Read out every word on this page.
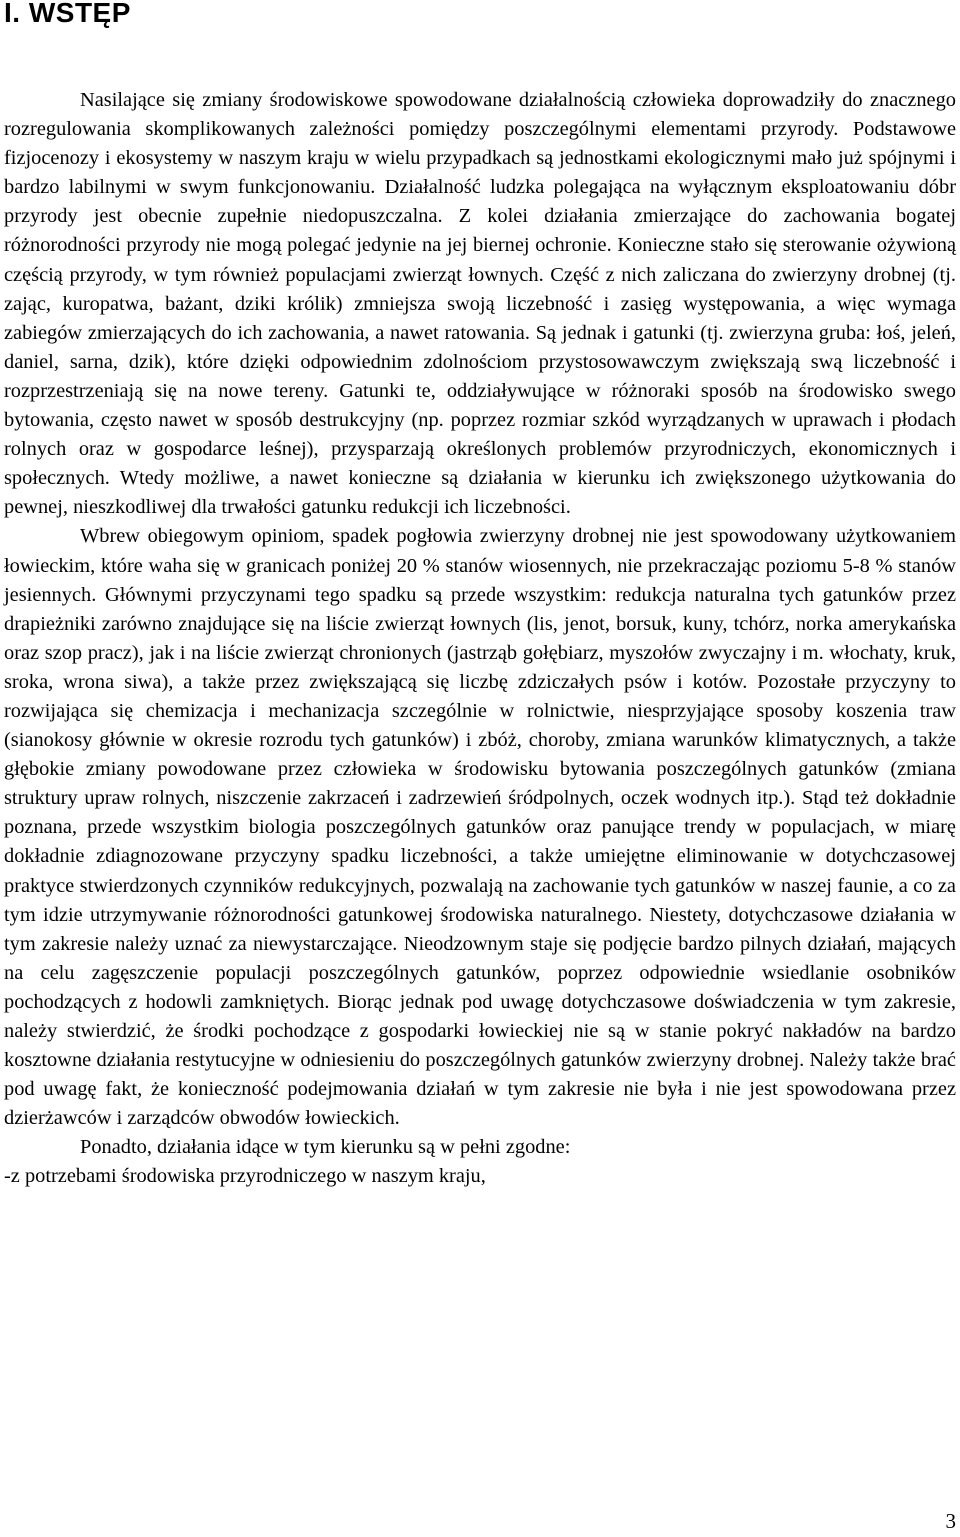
I. WSTĘP

Nasilające się zmiany środowiskowe spowodowane działalnością człowieka doprowadziły do znacznego rozregulowania skomplikowanych zależności pomiędzy poszczególnymi elementami przyrody. Podstawowe fizjocenozy i ekosystemy w naszym kraju w wielu przypadkach są jednostkami ekologicznymi mało już spójnymi i bardzo labilnymi w swym funkcjonowaniu. Działalność ludzka polegająca na wyłącznym eksploatowaniu dóbr przyrody jest obecnie zupełnie niedopuszczalna. Z kolei działania zmierzające do zachowania bogatej różnorodności przyrody nie mogą polegać jedynie na jej biernej ochronie. Konieczne stało się sterowanie ożywioną częścią przyrody, w tym również populacjami zwierząt łownych. Część z nich zaliczana do zwierzyny drobnej (tj. zając, kuropatwa, bażant, dziki królik) zmniejsza swoją liczebność i zasięg występowania, a więc wymaga zabiegów zmierzających do ich zachowania, a nawet ratowania. Są jednak i gatunki (tj. zwierzyna gruba: łoś, jeleń, daniel, sarna, dzik), które dzięki odpowiednim zdolnościom przystosowawczym zwiększają swą liczebność i rozprzestrzeniają się na nowe tereny. Gatunki te, oddziaływujące w różnoraki sposób na środowisko swego bytowania, często nawet w sposób destrukcyjny (np. poprzez rozmiar szkód wyrządzanych w uprawach i płodach rolnych oraz w gospodarce leśnej), przysparzają określonych problemów przyrodniczych, ekonomicznych i społecznych. Wtedy możliwe, a nawet konieczne są działania w kierunku ich zwiększonego użytkowania do pewnej, nieszkodliwej dla trwałości gatunku redukcji ich liczebności.

Wbrew obiegowym opiniom, spadek pogłowia zwierzyny drobnej nie jest spowodowany użytkowaniem łowieckim, które waha się w granicach poniżej 20 % stanów wiosennych, nie przekraczając poziomu 5-8 % stanów jesiennych. Głównymi przyczynami tego spadku są przede wszystkim: redukcja naturalna tych gatunków przez drapieżniki zarówno znajdujące się na liście zwierząt łownych (lis, jenot, borsuk, kuny, tchórz, norka amerykańska oraz szop pracz), jak i na liście zwierząt chronionych (jastrząb gołębiarz, myszołów zwyczajny i m. włochaty, kruk, sroka, wrona siwa), a także przez zwiększającą się liczbę zdziczałych psów i kotów. Pozostałe przyczyny to rozwijająca się chemizacja i mechanizacja szczególnie w rolnictwie, niesprzyjające sposoby koszenia traw (sianokosy głównie w okresie rozrodu tych gatunków) i zbóż, choroby, zmiana warunków klimatycznych, a także głębokie zmiany powodowane przez człowieka w środowisku bytowania poszczególnych gatunków (zmiana struktury upraw rolnych, niszczenie zakrzaceń i zadrzewień śródpolnych, oczek wodnych itp.). Stąd też dokładnie poznana, przede wszystkim biologia poszczególnych gatunków oraz panujące trendy w populacjach, w miarę dokładnie zdiagnozowane przyczyny spadku liczebności, a także umiejętne eliminowanie w dotychczasowej praktyce stwierdzonych czynników redukcyjnych, pozwalają na zachowanie tych gatunków w naszej faunie, a co za tym idzie utrzymywanie różnorodności gatunkowej środowiska naturalnego. Niestety, dotychczasowe działania w tym zakresie należy uznać za niewystarczające. Nieodzownym staje się podjęcie bardzo pilnych działań, mających na celu zagęszczenie populacji poszczególnych gatunków, poprzez odpowiednie wsiedlanie osobników pochodzących z hodowli zamkniętych. Biorąc jednak pod uwagę dotychczasowe doświadczenia w tym zakresie, należy stwierdzić, że środki pochodzące z gospodarki łowieckiej nie są w stanie pokryć nakładów na bardzo kosztowne działania restytucyjne w odniesieniu do poszczególnych gatunków zwierzyny drobnej. Należy także brać pod uwagę fakt, że konieczność podejmowania działań w tym zakresie nie była i nie jest spowodowana przez dzierżawców i zarządców obwodów łowieckich.

Ponadto, działania idące w tym kierunku są w pełni zgodne:

-z potrzebami środowiska przyrodniczego w naszym kraju,

3
